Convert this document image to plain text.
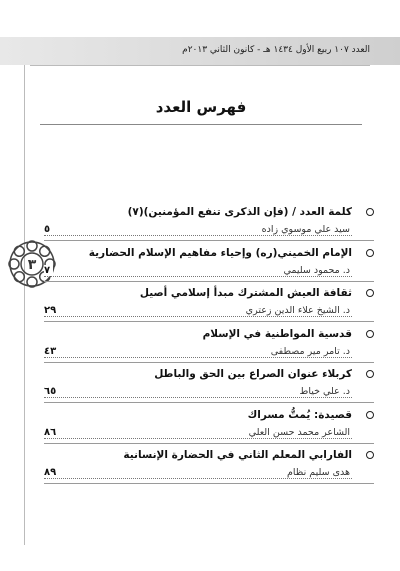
العدد ١٠٧ ربيع الأول ١٤٣٤ هـ - كانون الثاني ٢٠١٣م
فهرس العدد
٣
كلمة العدد / (فإن الذكرى تنفع المؤمنين)(٧)
سيد علي موسوي زاده
٥
الإمام الخميني(ره) وإحياء مفاهيم الإسلام الحضارية
د. محمود سليمي
٧
ثقافة العيش المشترك مبدأ إسلامي أصيل
د. الشيخ علاء الدين زعتري
٢٩
قدسية المواطنية في الإسلام
د. تامر مير مصطفى
٤٣
كربلاء عنوان الصراع بين الحق والباطل
د. علي خياط
٦٥
قصيدة: يُمتُّ مسراك
الشاعر محمد حسن العلي
٨٦
الفارابي المعلم الثاني في الحضارة الإنسانية
هدى سليم نظام
٨٩
